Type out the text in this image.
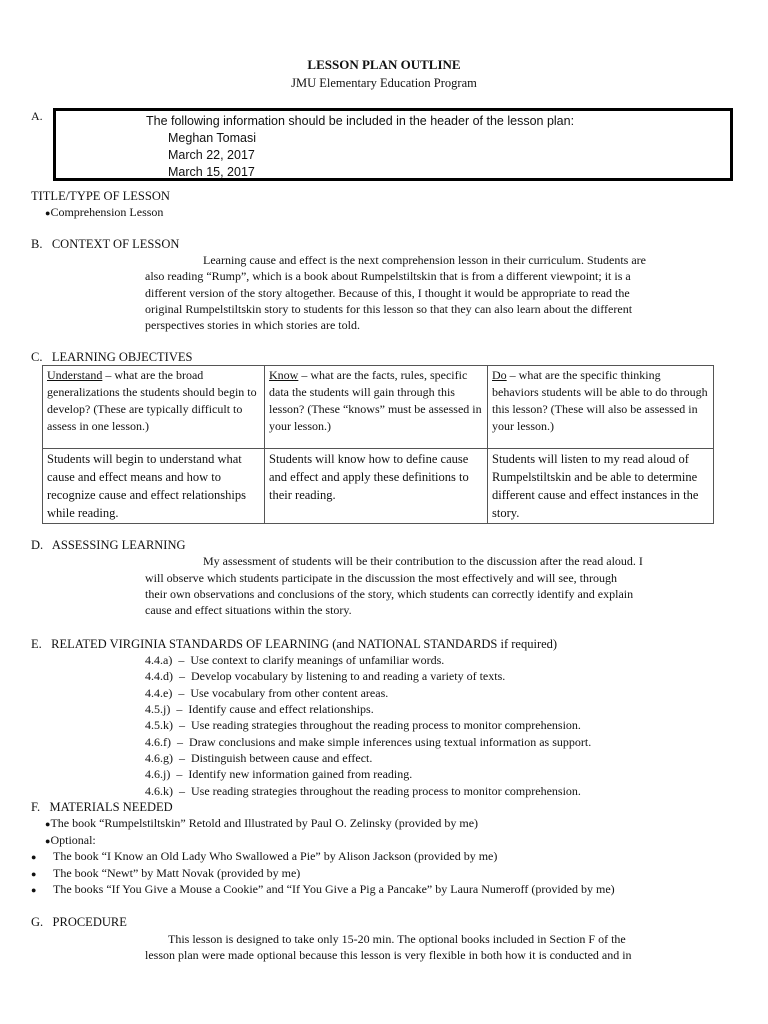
LESSON PLAN OUTLINE
JMU Elementary Education Program
A.	The following information should be included in the header of the lesson plan:
Meghan Tomasi
March 22, 2017
March 15, 2017
TITLE/TYPE OF LESSON
●Comprehension Lesson
B.   CONTEXT OF LESSON
Learning cause and effect is the next comprehension lesson in their curriculum. Students are
also reading “Rump”, which is a book about Rumpelstiltskin that is from a different viewpoint; it is a
different version of the story altogether. Because of this, I thought it would be appropriate to read the
original Rumpelstiltskin story to students for this lesson so that they can also learn about the different
perspectives stories in which stories are told.
C.   LEARNING OBJECTIVES
Understand – what are the broad generalizations the students should begin to develop? (These are typically difficult to assess in one lesson.)	Know – what are the facts, rules, specific data the students will gain through this lesson? (These “knows” must be assessed in your lesson.)	Do – what are the specific thinking behaviors students will be able to do through this lesson? (These will also be assessed in your lesson.)
Students will begin to understand what cause and effect means and how to recognize cause and effect relationships while reading.	Students will know how to define cause and effect and apply these definitions to their reading.	Students will listen to my read aloud of Rumpelstiltskin and be able to determine different cause and effect instances in the story.
D.   ASSESSING LEARNING
My assessment of students will be their contribution to the discussion after the read aloud. I
will observe which students participate in the discussion the most effectively and will see, through
their own observations and conclusions of the story, which students can correctly identify and explain
cause and effect situations within the story.
E.   RELATED VIRGINIA STANDARDS OF LEARNING (and NATIONAL STANDARDS if required)
4.4.a)  –  Use context to clarify meanings of unfamiliar words.
4.4.d)  –  Develop vocabulary by listening to and reading a variety of texts.
4.4.e)  –  Use vocabulary from other content areas.
4.5.j)  –  Identify cause and effect relationships.
4.5.k)  –  Use reading strategies throughout the reading process to monitor comprehension.
4.6.f)  –  Draw conclusions and make simple inferences using textual information as support.
4.6.g)  –  Distinguish between cause and effect.
4.6.j)  –  Identify new information gained from reading.
4.6.k)  –  Use reading strategies throughout the reading process to monitor comprehension.
F.   MATERIALS NEEDED
●The book “Rumpelstiltskin” Retold and Illustrated by Paul O. Zelinsky (provided by me)
●Optional:
● The book “I Know an Old Lady Who Swallowed a Pie” by Alison Jackson (provided by me)
● The book “Newt” by Matt Novak (provided by me)
● The books “If You Give a Mouse a Cookie” and “If You Give a Pig a Pancake” by Laura Numeroff (provided by me)
G.   PROCEDURE
This lesson is designed to take only 15-20 min. The optional books included in Section F of the
lesson plan were made optional because this lesson is very flexible in both how it is conducted and in
